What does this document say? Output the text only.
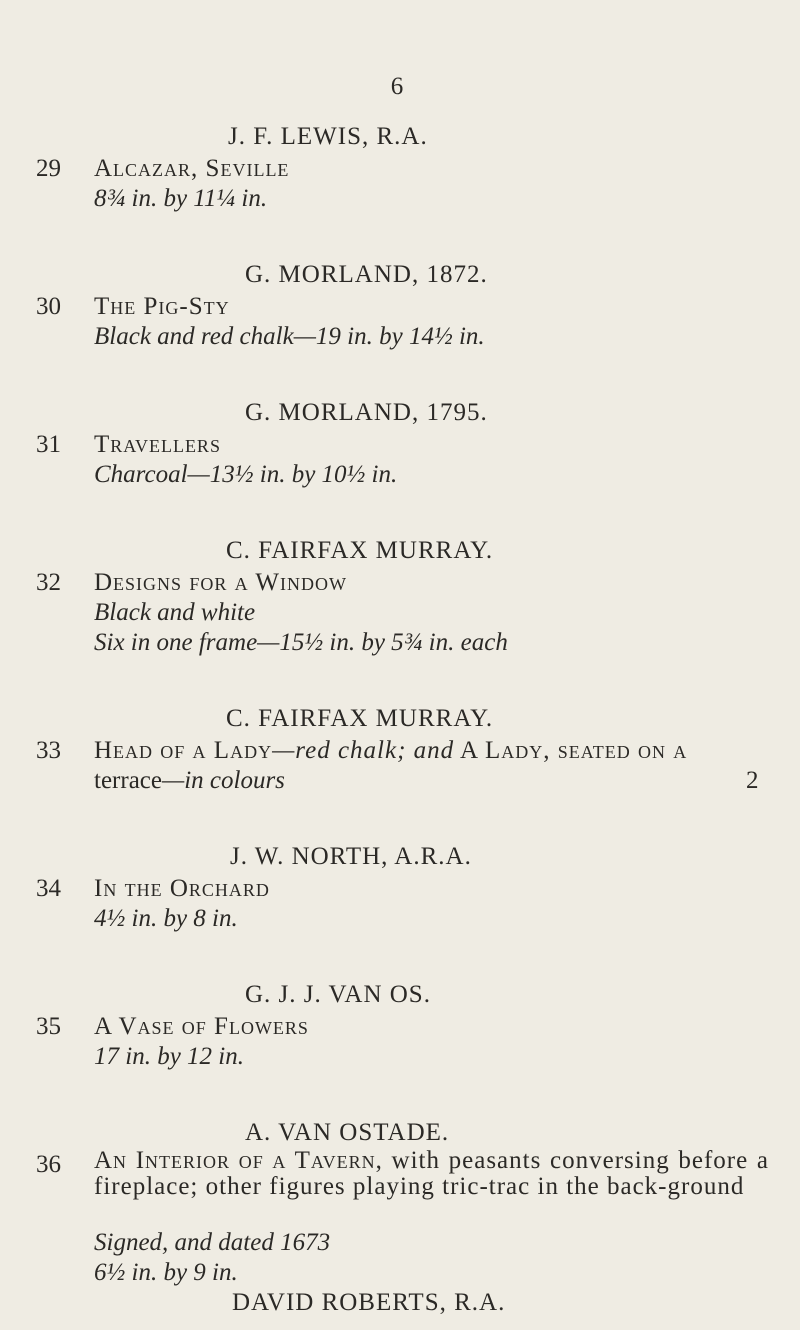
6
J. F. LEWIS, R.A.
29 Alcazar, Seville
8¾ in. by 11¼ in.
G. MORLAND, 1872.
30 The Pig-Sty
Black and red chalk—19 in. by 14½ in.
G. MORLAND, 1795.
31 Travellers
Charcoal—13½ in. by 10½ in.
C. FAIRFAX MURRAY.
32 Designs for a Window
Black and white
Six in one frame—15½ in. by 5¾ in. each
C. FAIRFAX MURRAY.
33 Head of a Lady—red chalk; and A Lady, seated on a
terrace—in colours	2
J. W. NORTH, A.R.A.
34 In the Orchard
4½ in. by 8 in.
G. J. J. VAN OS.
35 A Vase of Flowers
17 in. by 12 in.
A. VAN OSTADE.
36 An Interior of a Tavern, with peasants conversing before a fireplace; other figures playing tric-trac in the back-ground
Signed, and dated 1673
6½ in. by 9 in.
DAVID ROBERTS, R.A.
